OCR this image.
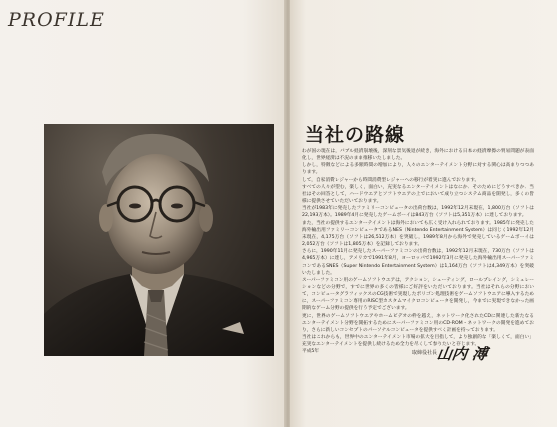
PROFILE
当社の路線

わが国の現在は，バブル経済崩壊後，深刻な景気後退が続き，海外における日本の経済摩擦の貿易問題が表面化し，世界経済は不況のまま推移いたしました。

しかし，特徴などによる多額時間の増加により，人々のエンターテイメント分野に対する関心は高まりつつあります。

して，自家消費レジャーから時間消費型レジャーへの移行が着実に進んでおります。

すべての人々が望む，楽しく，面白い，充実なるエンターテイメントはなにか．そのためにどうすべきか．当社はその回答として，ハードウエアとソフトウエアの上でにおいて成り立つシステム商品を開発し，多くの皆様に提供させていただいております。

当社が1983年に発売したファミリーコンピュータの出荷台数は，1992年12月末現在，1,800万台（ソフトは22,193万本）。1989年4月に発売したゲームボーイは843万台（ソフトは5,351万本）に達しております。

また，当社の提供するエンターテイメントは海外においても広く受け入れられております。1985年に発売した海外輸出用ファミリーコンピュータであるNES（Nintendo Entertainment System）は同じく1992年12月末現在，4,175万台（ソフトは26,512万本）を突破し，1989年8月から海外で発売しているゲームボーイは2,052万台（ソフトは1,805万本）を記録しております。

さらに，1990年11月に発売したスーパーファミコンの出荷台数は，1992年12月末現在，730万台（ソフトは4,965万本）に達し，アメリカで1991年8月，ヨーロッパで1992年3月に発売した海外輸出用スーパーファミコンであるSNES（Super Nintendo Entertainment System）は1,164万台（ソフトは4,349万本）を突破いたしました。

スーパーファミコン用のゲームソフトウエアは，アクション，シューティング，ロールプレイング，シミュレーションなどの分野で，すでに世界の多くの皆様にご好評をいただいております。当社はそれらの分野において，コンピュータグラフィックスのCG技術で実現したポリゴン処理技術をゲームソフトウエアに導入するために，スーパーファミコン専用のRISC型カスタムマイクロコンピュータを開発し，今までに実現できなかった画期的なゲーム分野の提供を行う予定でございます。

更に，世界のゲームソフトウエアやホームビデオの枠を越え，ネットワーク化されたCDに関連した新たなるエンターテイメント分野を開拓するためにスーパーファミコン用のCD-ROM・ネットワークの開発を進めており，さらに新しいコンセプトのパーソナルコンピュータを提供すべく計画を持っております。

当社はこれからも，世界中のエンターテイメント市場の拡大を目指して，より独創的な「楽しくて，面白い」充実なエンターテイメントを提供し続けるため全力を尽くして参りたいと存じます。

平成5年	取締役社長
山内 溥
